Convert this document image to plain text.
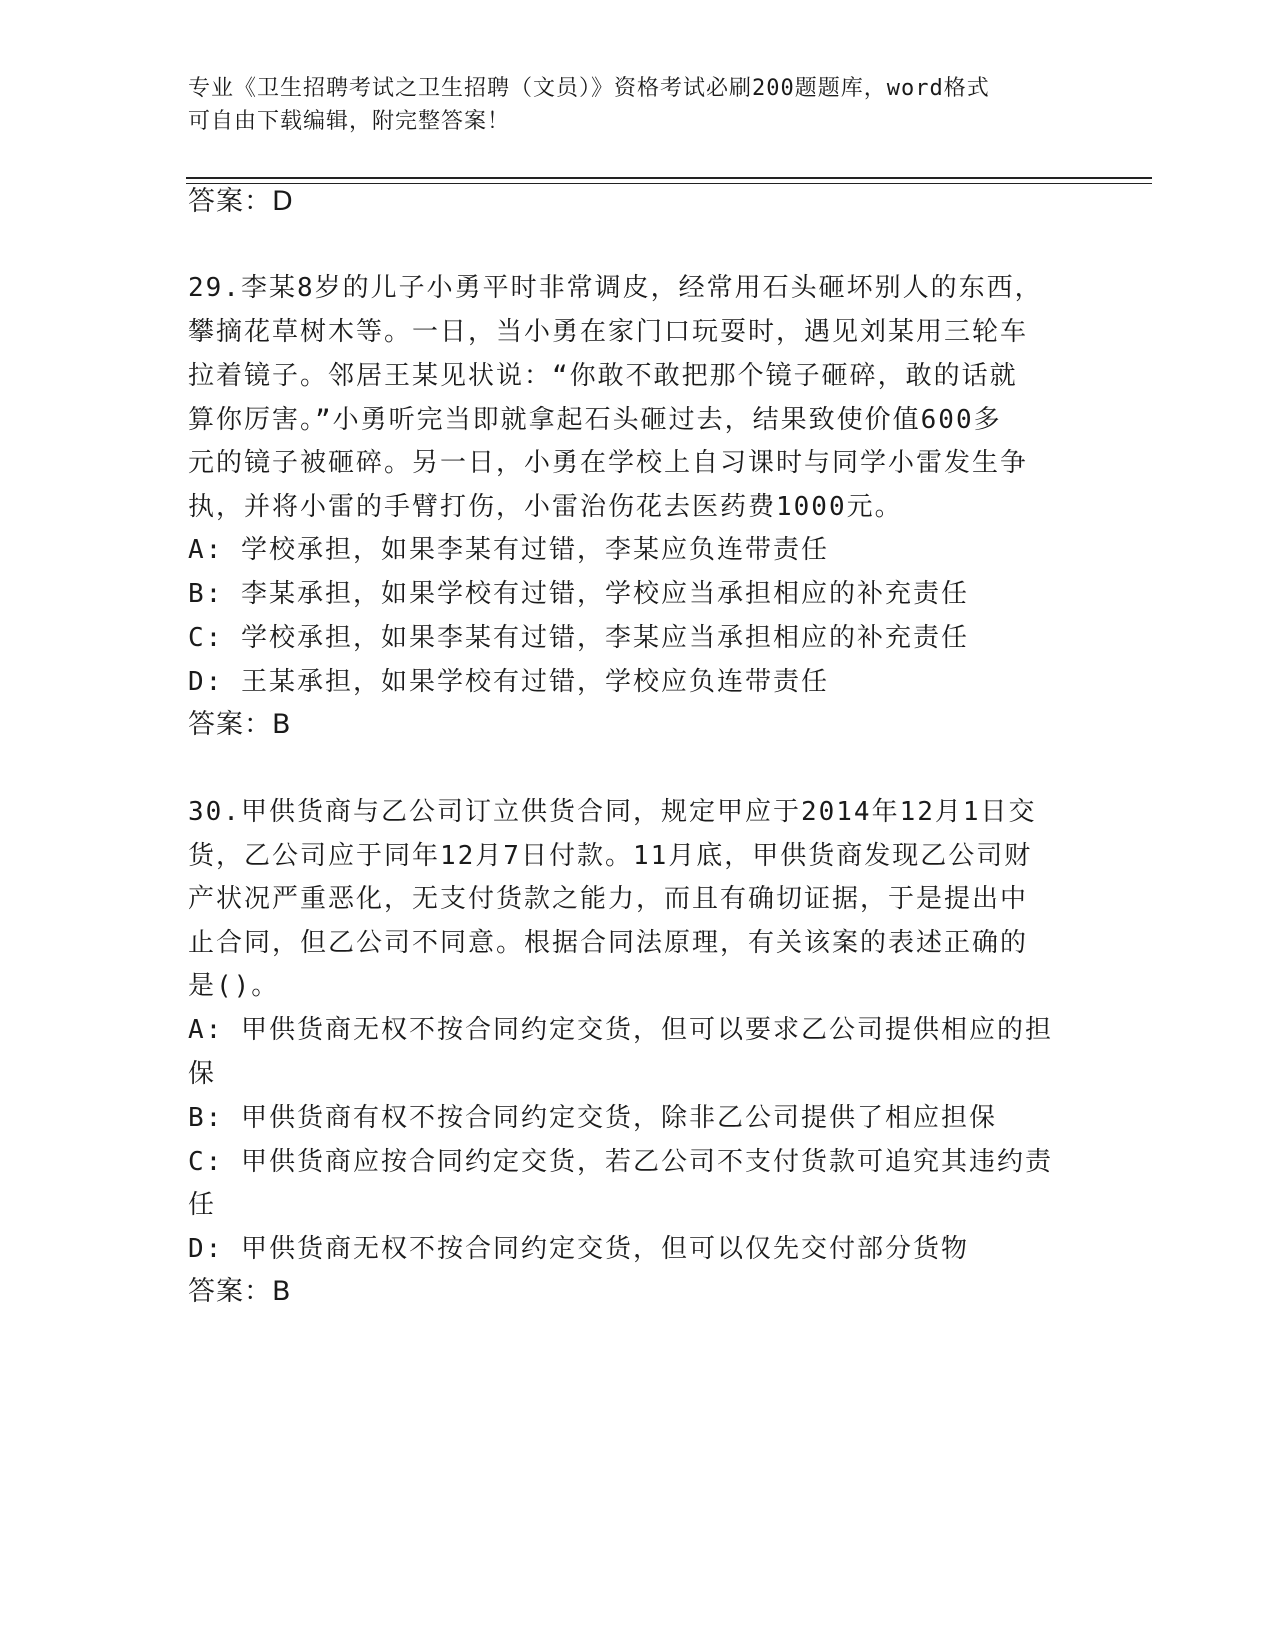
专业《卫生招聘考试之卫生招聘（文员）》资格考试必刷200题题库，word格式
可自由下载编辑，附完整答案！
答案：D
29.李某8岁的儿子小勇平时非常调皮，经常用石头砸坏别人的东西，
攀摘花草树木等。一日，当小勇在家门口玩耍时，遇见刘某用三轮车
拉着镜子。邻居王某见状说：“你敢不敢把那个镜子砸碎，敢的话就
算你厉害。”小勇听完当即就拿起石头砸过去，结果致使价值600多
元的镜子被砸碎。另一日，小勇在学校上自习课时与同学小雷发生争
执，并将小雷的手臂打伤，小雷治伤花去医药费1000元。
A: 学校承担，如果李某有过错，李某应负连带责任
B: 李某承担，如果学校有过错，学校应当承担相应的补充责任
C: 学校承担，如果李某有过错，李某应当承担相应的补充责任
D: 王某承担，如果学校有过错，学校应负连带责任
答案：B
30.甲供货商与乙公司订立供货合同，规定甲应于2014年12月1日交
货，乙公司应于同年12月7日付款。11月底，甲供货商发现乙公司财
产状况严重恶化，无支付货款之能力，而且有确切证据，于是提出中
止合同，但乙公司不同意。根据合同法原理，有关该案的表述正确的
是()。
A: 甲供货商无权不按合同约定交货，但可以要求乙公司提供相应的担
保
B: 甲供货商有权不按合同约定交货，除非乙公司提供了相应担保
C: 甲供货商应按合同约定交货，若乙公司不支付货款可追究其违约责
任
D: 甲供货商无权不按合同约定交货，但可以仅先交付部分货物
答案：B
